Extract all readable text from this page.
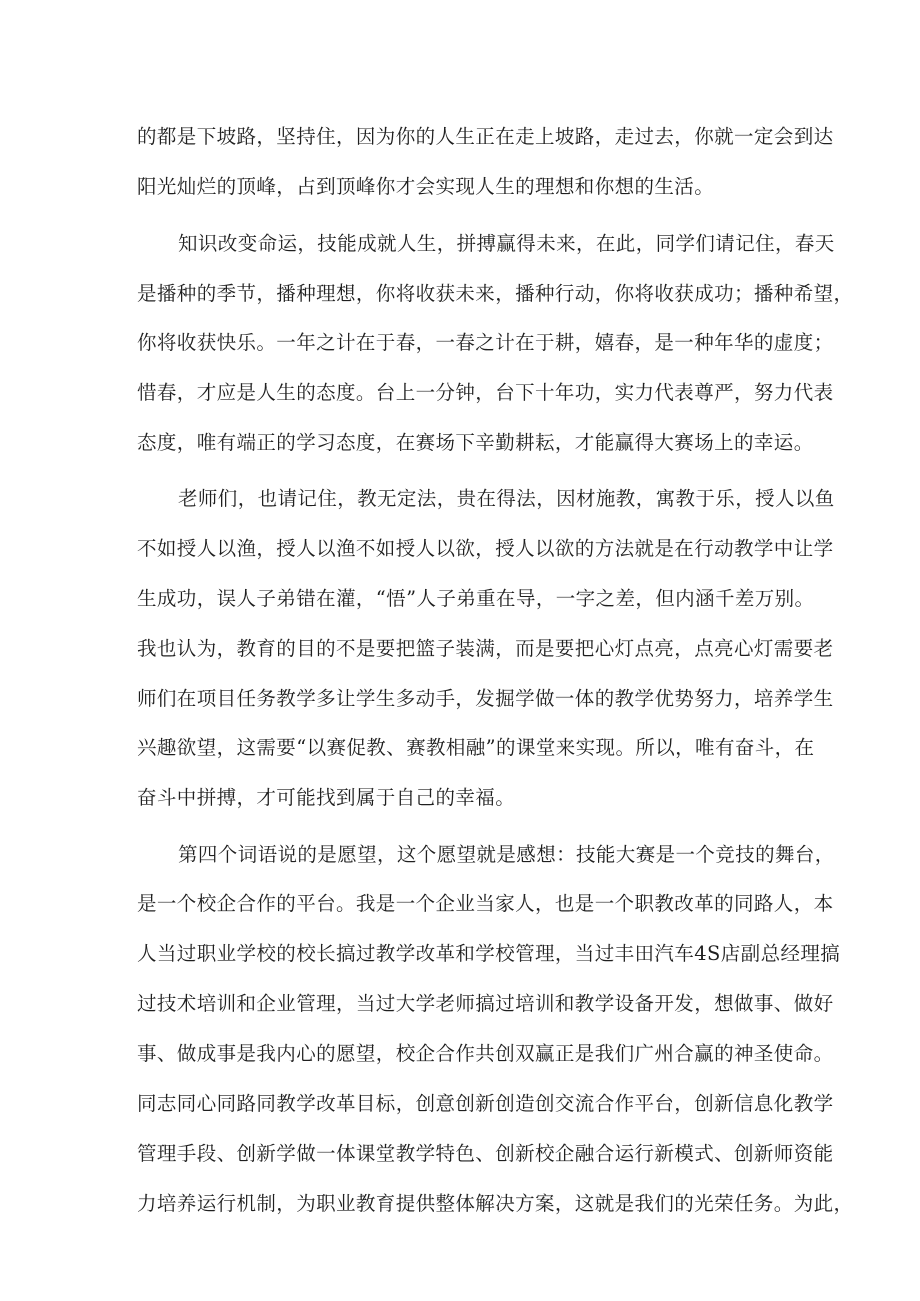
的都是下坡路，坚持住，因为你的人生正在走上坡路，走过去，你就一定会到达
阳光灿烂的顶峰，占到顶峰你才会实现人生的理想和你想的生活。
知识改变命运，技能成就人生，拼搏赢得未来，在此，同学们请记住，春天
是播种的季节，播种理想，你将收获未来，播种行动，你将收获成功；播种希望，
你将收获快乐。一年之计在于春，一春之计在于耕，嬉春，是一种年华的虚度；
惜春，才应是人生的态度。台上一分钟，台下十年功，实力代表尊严，努力代表
态度，唯有端正的学习态度，在赛场下辛勤耕耘，才能赢得大赛场上的幸运。
老师们，也请记住，教无定法，贵在得法，因材施教，寓教于乐，授人以鱼
不如授人以渔，授人以渔不如授人以欲，授人以欲的方法就是在行动教学中让学
生成功，误人子弟错在灌，“悟”人子弟重在导，一字之差，但内涵千差万别。
我也认为，教育的目的不是要把篮子装满，而是要把心灯点亮，点亮心灯需要老
师们在项目任务教学多让学生多动手，发掘学做一体的教学优势努力，培养学生
兴趣欲望，这需要“以赛促教、赛教相融”的课堂来实现。所以，唯有奋斗，在
奋斗中拼搏，才可能找到属于自己的幸福。
第四个词语说的是愿望，这个愿望就是感想：技能大赛是一个竞技的舞台，
是一个校企合作的平台。我是一个企业当家人，也是一个职教改革的同路人，本
人当过职业学校的校长搞过教学改革和学校管理，当过丰田汽车4S店副总经理搞
过技术培训和企业管理，当过大学老师搞过培训和教学设备开发，想做事、做好
事、做成事是我内心的愿望，校企合作共创双赢正是我们广州合赢的神圣使命。
同志同心同路同教学改革目标，创意创新创造创交流合作平台，创新信息化教学
管理手段、创新学做一体课堂教学特色、创新校企融合运行新模式、创新师资能
力培养运行机制，为职业教育提供整体解决方案，这就是我们的光荣任务。为此，
